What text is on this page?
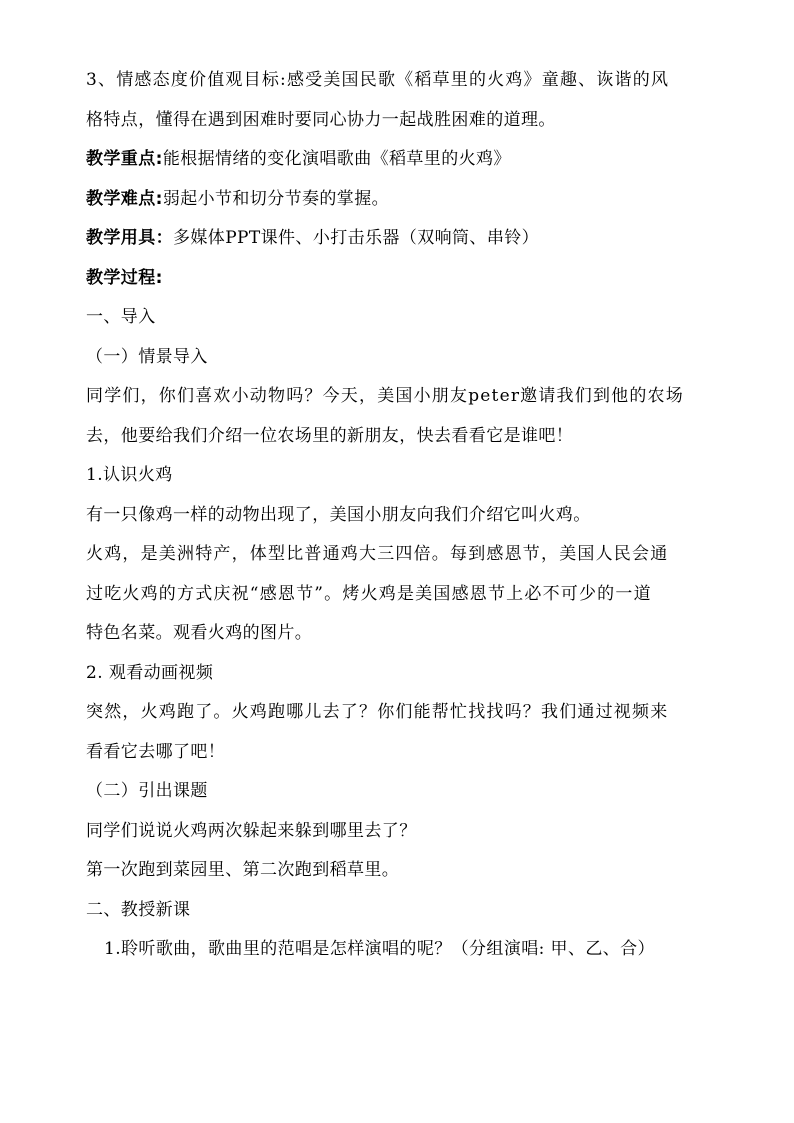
3、情感态度价值观目标:感受美国民歌《稻草里的火鸡》童趣、诙谐的风
格特点，懂得在遇到困难时要同心协力一起战胜困难的道理。
教学重点:能根据情绪的变化演唱歌曲《稻草里的火鸡》
教学难点:弱起小节和切分节奏的掌握。
教学用具：多媒体PPT课件、小打击乐器（双响筒、串铃）
教学过程:
一、导入
（一）情景导入
同学们，你们喜欢小动物吗？今天，美国小朋友peter邀请我们到他的农场
去，他要给我们介绍一位农场里的新朋友，快去看看它是谁吧！
1.认识火鸡
有一只像鸡一样的动物出现了，美国小朋友向我们介绍它叫火鸡。
火鸡，是美洲特产，体型比普通鸡大三四倍。每到感恩节，美国人民会通
过吃火鸡的方式庆祝“感恩节”。烤火鸡是美国感恩节上必不可少的一道
特色名菜。观看火鸡的图片。
2. 观看动画视频
突然，火鸡跑了。火鸡跑哪儿去了？你们能帮忙找找吗？我们通过视频来
看看它去哪了吧！
（二）引出课题
同学们说说火鸡两次躲起来躲到哪里去了？
第一次跑到菜园里、第二次跑到稻草里。
二、教授新课
1.聆听歌曲，歌曲里的范唱是怎样演唱的呢？（分组演唱: 甲、乙、合）
